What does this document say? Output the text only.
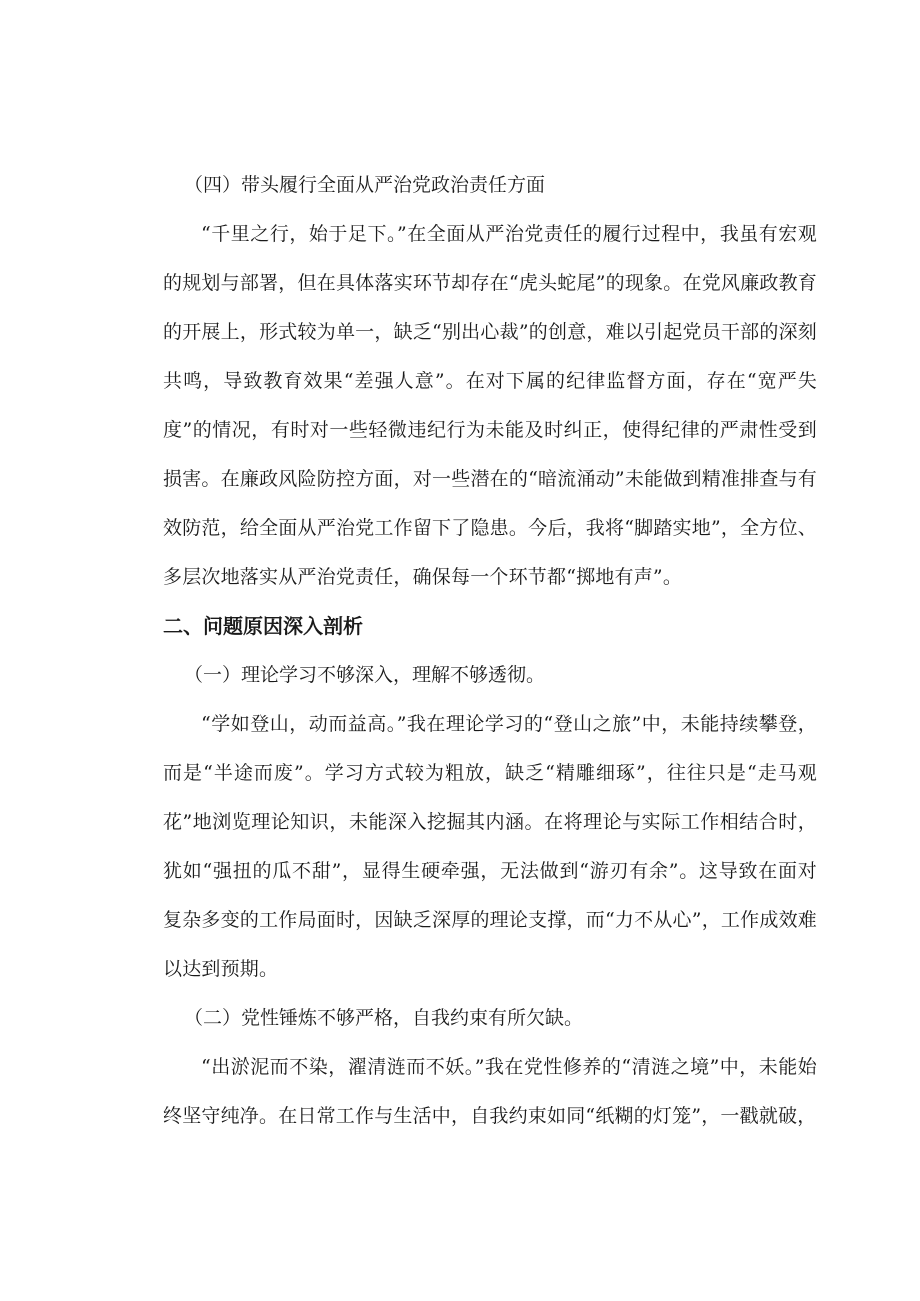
（四）带头履行全面从严治党政治责任方面

“千里之行，始于足下。”在全面从严治党责任的履行过程中，我虽有宏观的规划与部署，但在具体落实环节却存在“虎头蛇尾”的现象。在党风廉政教育的开展上，形式较为单一，缺乏“别出心裁”的创意，难以引起党员干部的深刻共鸣，导致教育效果“差强人意”。在对下属的纪律监督方面，存在“宽严失度”的情况，有时对一些轻微违纪行为未能及时纠正，使得纪律的严肃性受到损害。在廉政风险防控方面，对一些潜在的“暗流涌动”未能做到精准排查与有效防范，给全面从严治党工作留下了隐患。今后，我将“脚踏实地”，全方位、多层次地落实从严治党责任，确保每一个环节都“掷地有声”。

二、问题原因深入剖析

（一）理论学习不够深入，理解不够透彻。

“学如登山，动而益高。”我在理论学习的“登山之旅”中，未能持续攀登，而是“半途而废”。学习方式较为粗放，缺乏“精雕细琢”，往往只是“走马观花”地浏览理论知识，未能深入挖掘其内涵。在将理论与实际工作相结合时，犹如“强扭的瓜不甜”，显得生硬牵强，无法做到“游刃有余”。这导致在面对复杂多变的工作局面时，因缺乏深厚的理论支撑，而“力不从心”，工作成效难以达到预期。

（二）党性锤炼不够严格，自我约束有所欠缺。

“出淤泥而不染，濯清涟而不妖。”我在党性修养的“清涟之境”中，未能始终坚守纯净。在日常工作与生活中，自我约束如同“纸糊的灯笼”，一戳就破，
